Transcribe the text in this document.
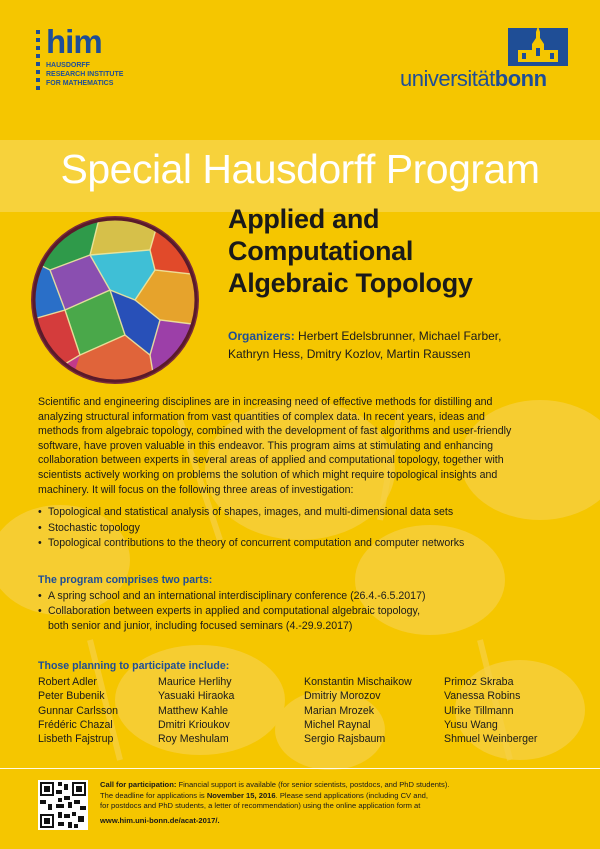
him
HAUSDORFF
RESEARCH INSTITUTE
FOR MATHEMATICS	universitätbonn
Special Hausdorff Program
Applied and
Computational
Algebraic Topology
Organizers: Herbert Edelsbrunner, Michael Farber,
Kathryn Hess, Dmitry Kozlov, Martin Raussen
Scientific and engineering disciplines are in increasing need of effective methods for distilling and
analyzing structural information from vast quantities of complex data. In recent years, ideas and
methods from algebraic topology, combined with the development of fast algorithms and user-friendly
software, have proven valuable in this endeavor. This program aims at stimulating and enhancing
collaboration between experts in several areas of applied and computational topology, together with
scientists actively working on problems the solution of which might require topological insights and
machinery. It will focus on the following three areas of investigation:
• Topological and statistical analysis of shapes, images, and multi-dimensional data sets
• Stochastic topology
• Topological contributions to the theory of concurrent computation and computer networks
The program comprises two parts:
• A spring school and an international interdisciplinary conference (26.4.-6.5.2017)
• Collaboration between experts in applied and computational algebraic topology,
both senior and junior, including focused seminars (4.-29.9.2017)
Those planning to participate include:
Robert Adler
Peter Bubenik
Gunnar Carlsson
Frédéric Chazal
Lisbeth Fajstrup
Maurice Herlihy
Yasuaki Hiraoka
Matthew Kahle
Dmitri Krioukov
Roy Meshulam
Konstantin Mischaikow
Dmitriy Morozov
Marian Mrozek
Michel Raynal
Sergio Rajsbaum
Primoz Skraba
Vanessa Robins
Ulrike Tillmann
Yusu Wang
Shmuel Weinberger
Call for participation: Financial support is available (for senior scientists, postdocs, and PhD students).
The deadline for applications is November 15, 2016. Please send applications (including CV and,
for postdocs and PhD students, a letter of recommendation) using the online application form at
www.him.uni-bonn.de/acat-2017/.
